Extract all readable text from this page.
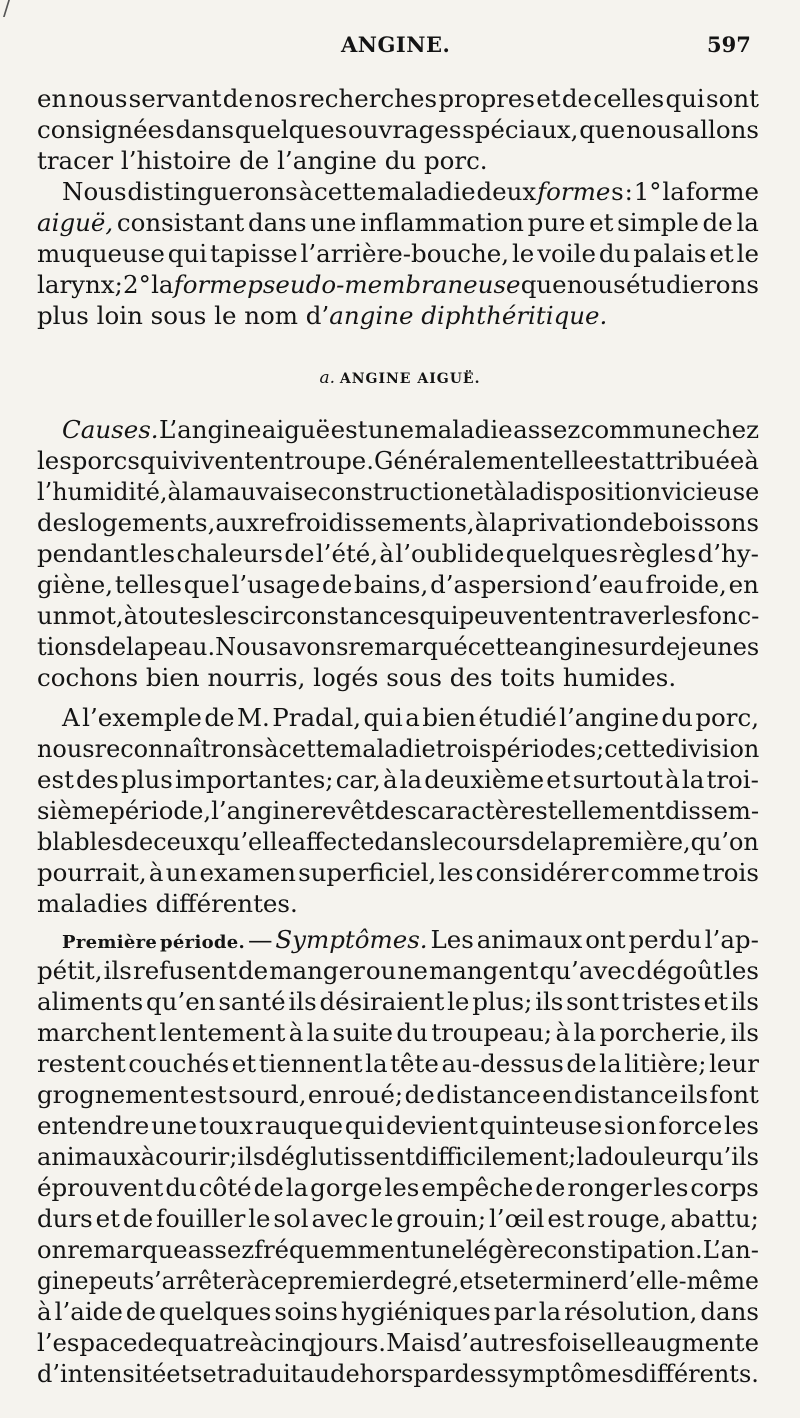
/
ANGINE.	597
a. ANGINE AIGUË.
en nous servant de nos recherches propres et de celles qui sont
consignées dans quelques ouvrages spéciaux, que nous allons
tracer l’histoire de l’angine du porc.
Nous distinguerons à cette maladie deux forme s : 1° la forme
aiguë, consistant dans une inflammation pure et simple de la
muqueuse qui tapisse l’arrière-bouche, le voile du palais et le
larynx; 2° la forme pseudo-membraneuse que nous étudierons
plus loin sous le nom d’angine diphthéritique.
Causes. L’angine aiguë est une maladie assez commune chez
les porcs qui vivent en troupe. Généralement elle est attribuée à
l’humidité, à la mauvaise construction et à la disposition vicieuse
des logements, aux refroidissements, à la privation de boissons
pendant les chaleurs de l’été, à l’oubli de quelques règles d’hy-
giène, telles que l’usage de bains, d’aspersion d’eau froide, en
un mot, à toutes les circonstances qui peuvent entraver les fonc-
tions de la peau. Nous avons remarqué cette angine sur de jeunes
cochons bien nourris, logés sous des toits humides.
A l’exemple de M. Pradal, qui a bien étudié l’angine du porc,
nous reconnaîtrons à cette maladie trois périodes; cette division
est des plus importantes; car, à la deuxième et surtout à la troi-
sième période, l’angine revêt des caractères tellement dissem-
blables de ceux qu’elle affecte dans le cours de la première, qu’on
pourrait, à un examen superficiel, les considérer comme trois
maladies différentes.
Première période. — Symptômes. Les animaux ont perdu l’ap-
pétit, ils refusent de manger ou ne mangent qu’avec dégoût les
aliments qu’en santé ils désiraient le plus; ils sont tristes et ils
marchent lentement à la suite du troupeau; à la porcherie, ils
restent couchés et tiennent la tête au-dessus de la litière; leur
grognement est sourd, enroué; de distance en distance ils font
entendre une toux rauque qui devient quinteuse si on force les
animaux à courir; ils déglutissent difficilement; la douleur qu’ils
éprouvent du côté de la gorge les empêche de ronger les corps
durs et de fouiller le sol avec le grouin; l’œil est rouge, abattu;
on remarque assez fréquemment une légère constipation. L’an-
gine peut s’arrêter à ce premier degré, et se terminer d’elle-même
à l’aide de quelques soins hygiéniques par la résolution, dans
l’espace de quatre à cinq jours. Mais d’autres fois elle augmente
d’intensité et se traduit au dehors par des symptômes différents.
